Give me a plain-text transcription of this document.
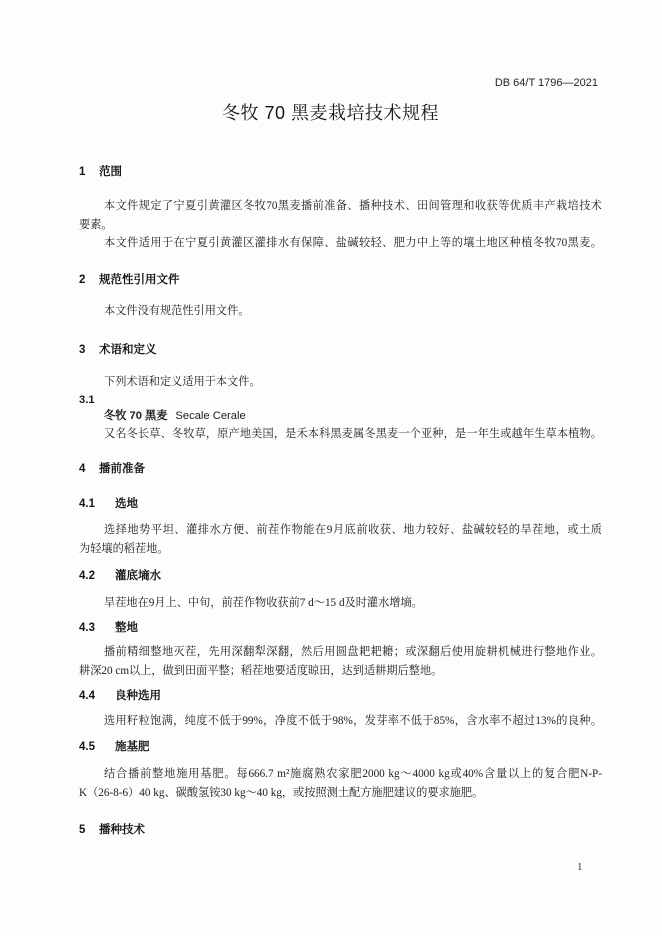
DB 64/T 1796—2021
冬牧 70 黑麦栽培技术规程
1 范围
本文件规定了宁夏引黄灌区冬牧70黑麦播前准备、播种技术、田间管理和收获等优质丰产栽培技术
要素。
本文件适用于在宁夏引黄灌区灌排水有保障、盐碱较轻、肥力中上等的壤土地区种植冬牧70黑麦。
2 规范性引用文件
本文件没有规范性引用文件。
3 术语和定义
下列术语和定义适用于本文件。
3.1
冬牧 70 黑麦 Secale Cerale
又名冬长草、冬牧草，原产地美国，是禾本科黑麦属冬黑麦一个亚种，是一年生或越年生草本植物。
4 播前准备
4.1 选地
选择地势平坦、灌排水方便、前茬作物能在9月底前收获、地力较好、盐碱较轻的旱茬地，或土质
为轻壤的稻茬地。
4.2 灌底墒水
旱茬地在9月上、中旬，前茬作物收获前7 d～15 d及时灌水增墒。
4.3 整地
播前精细整地灭茬，先用深翻犁深翻，然后用圆盘耙耙耱；或深翻后使用旋耕机械进行整地作业。
耕深20 cm以上，做到田面平整；稻茬地要适度晾田，达到适耕期后整地。
4.4 良种选用
选用籽粒饱满，纯度不低于99%，净度不低于98%，发芽率不低于85%，含水率不超过13%的良种。
4.5 施基肥
结合播前整地施用基肥。每666.7 m²施腐熟农家肥2000 kg～4000 kg或40%含量以上的复合肥N-P-
K（26-8-6）40 kg、碳酸氢铵30 kg～40 kg，或按照测土配方施肥建议的要求施肥。
5 播种技术
1
